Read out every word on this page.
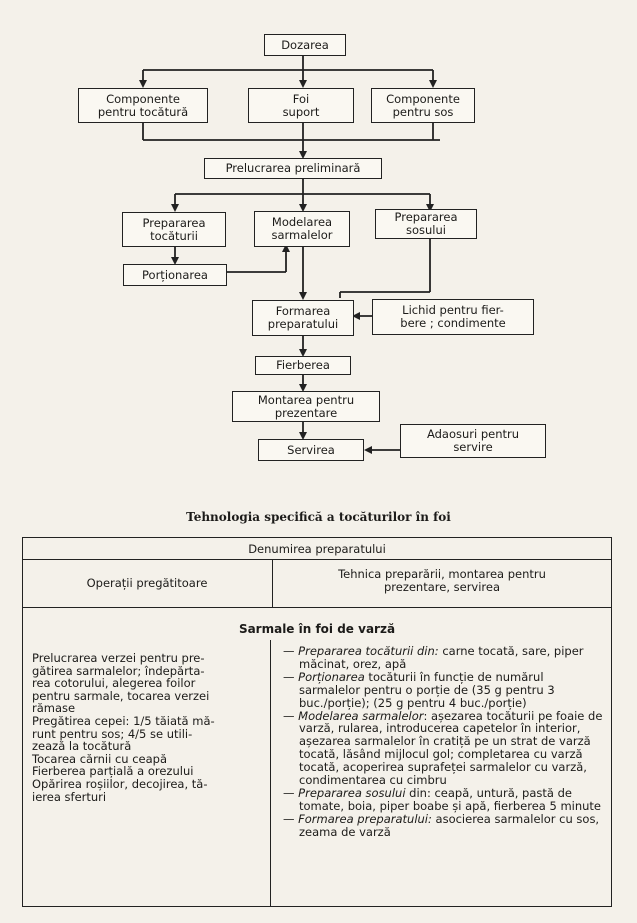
Dozarea
Componente
pentru tocătură
Foi
suport
Componente
pentru sos
Prelucrarea preliminară
Prepararea
tocăturii
Modelarea
sarmalelor
Prepararea
sosului
Porționarea
Formarea
preparatului
Lichid pentru fier-
bere ; condimente
Fierberea
Montarea pentru
prezentare
Servirea
Adaosuri pentru
servire
Tehnologia specifică a tocăturilor în foi
Denumirea preparatului
Operații pregătitoare
Tehnica preparării, montarea pentru
prezentare, servirea
Sarmale în foi de varză
Prelucrarea verzei pentru pre-
gătirea sarmalelor; îndepărta-
rea cotorului, alegerea foilor
pentru sarmale, tocarea verzei
rămase
Pregătirea cepei: 1/5 tăiată mă-
runt pentru sos; 4/5 se utili-
zează la tocătură
Tocarea cărnii cu ceapă
Fierberea parțială a orezului
Opărirea roșiilor, decojirea, tă-
ierea sferturi
— Prepararea tocăturii din: carne tocată, sare, piper măcinat, orez, apă
— Porționarea tocăturii în funcție de numărul sarmalelor pentru o porție de (35 g pentru 3 buc./porție); (25 g pentru 4 buc./porție)
— Modelarea sarmalelor: așezarea tocăturii pe foaie de varză, rularea, introducerea capetelor în interior, așezarea sarmalelor în cratiță pe un strat de varză tocată, lăsând mijlocul gol; completarea cu varză tocată, acoperirea suprafeței sarmalelor cu varză, condimentarea cu cimbru
— Prepararea sosului din: ceapă, untură, pastă de tomate, boia, piper boabe și apă, fierberea 5 minute
— Formarea preparatului: asocierea sarmalelor cu sos, zeama de varză
